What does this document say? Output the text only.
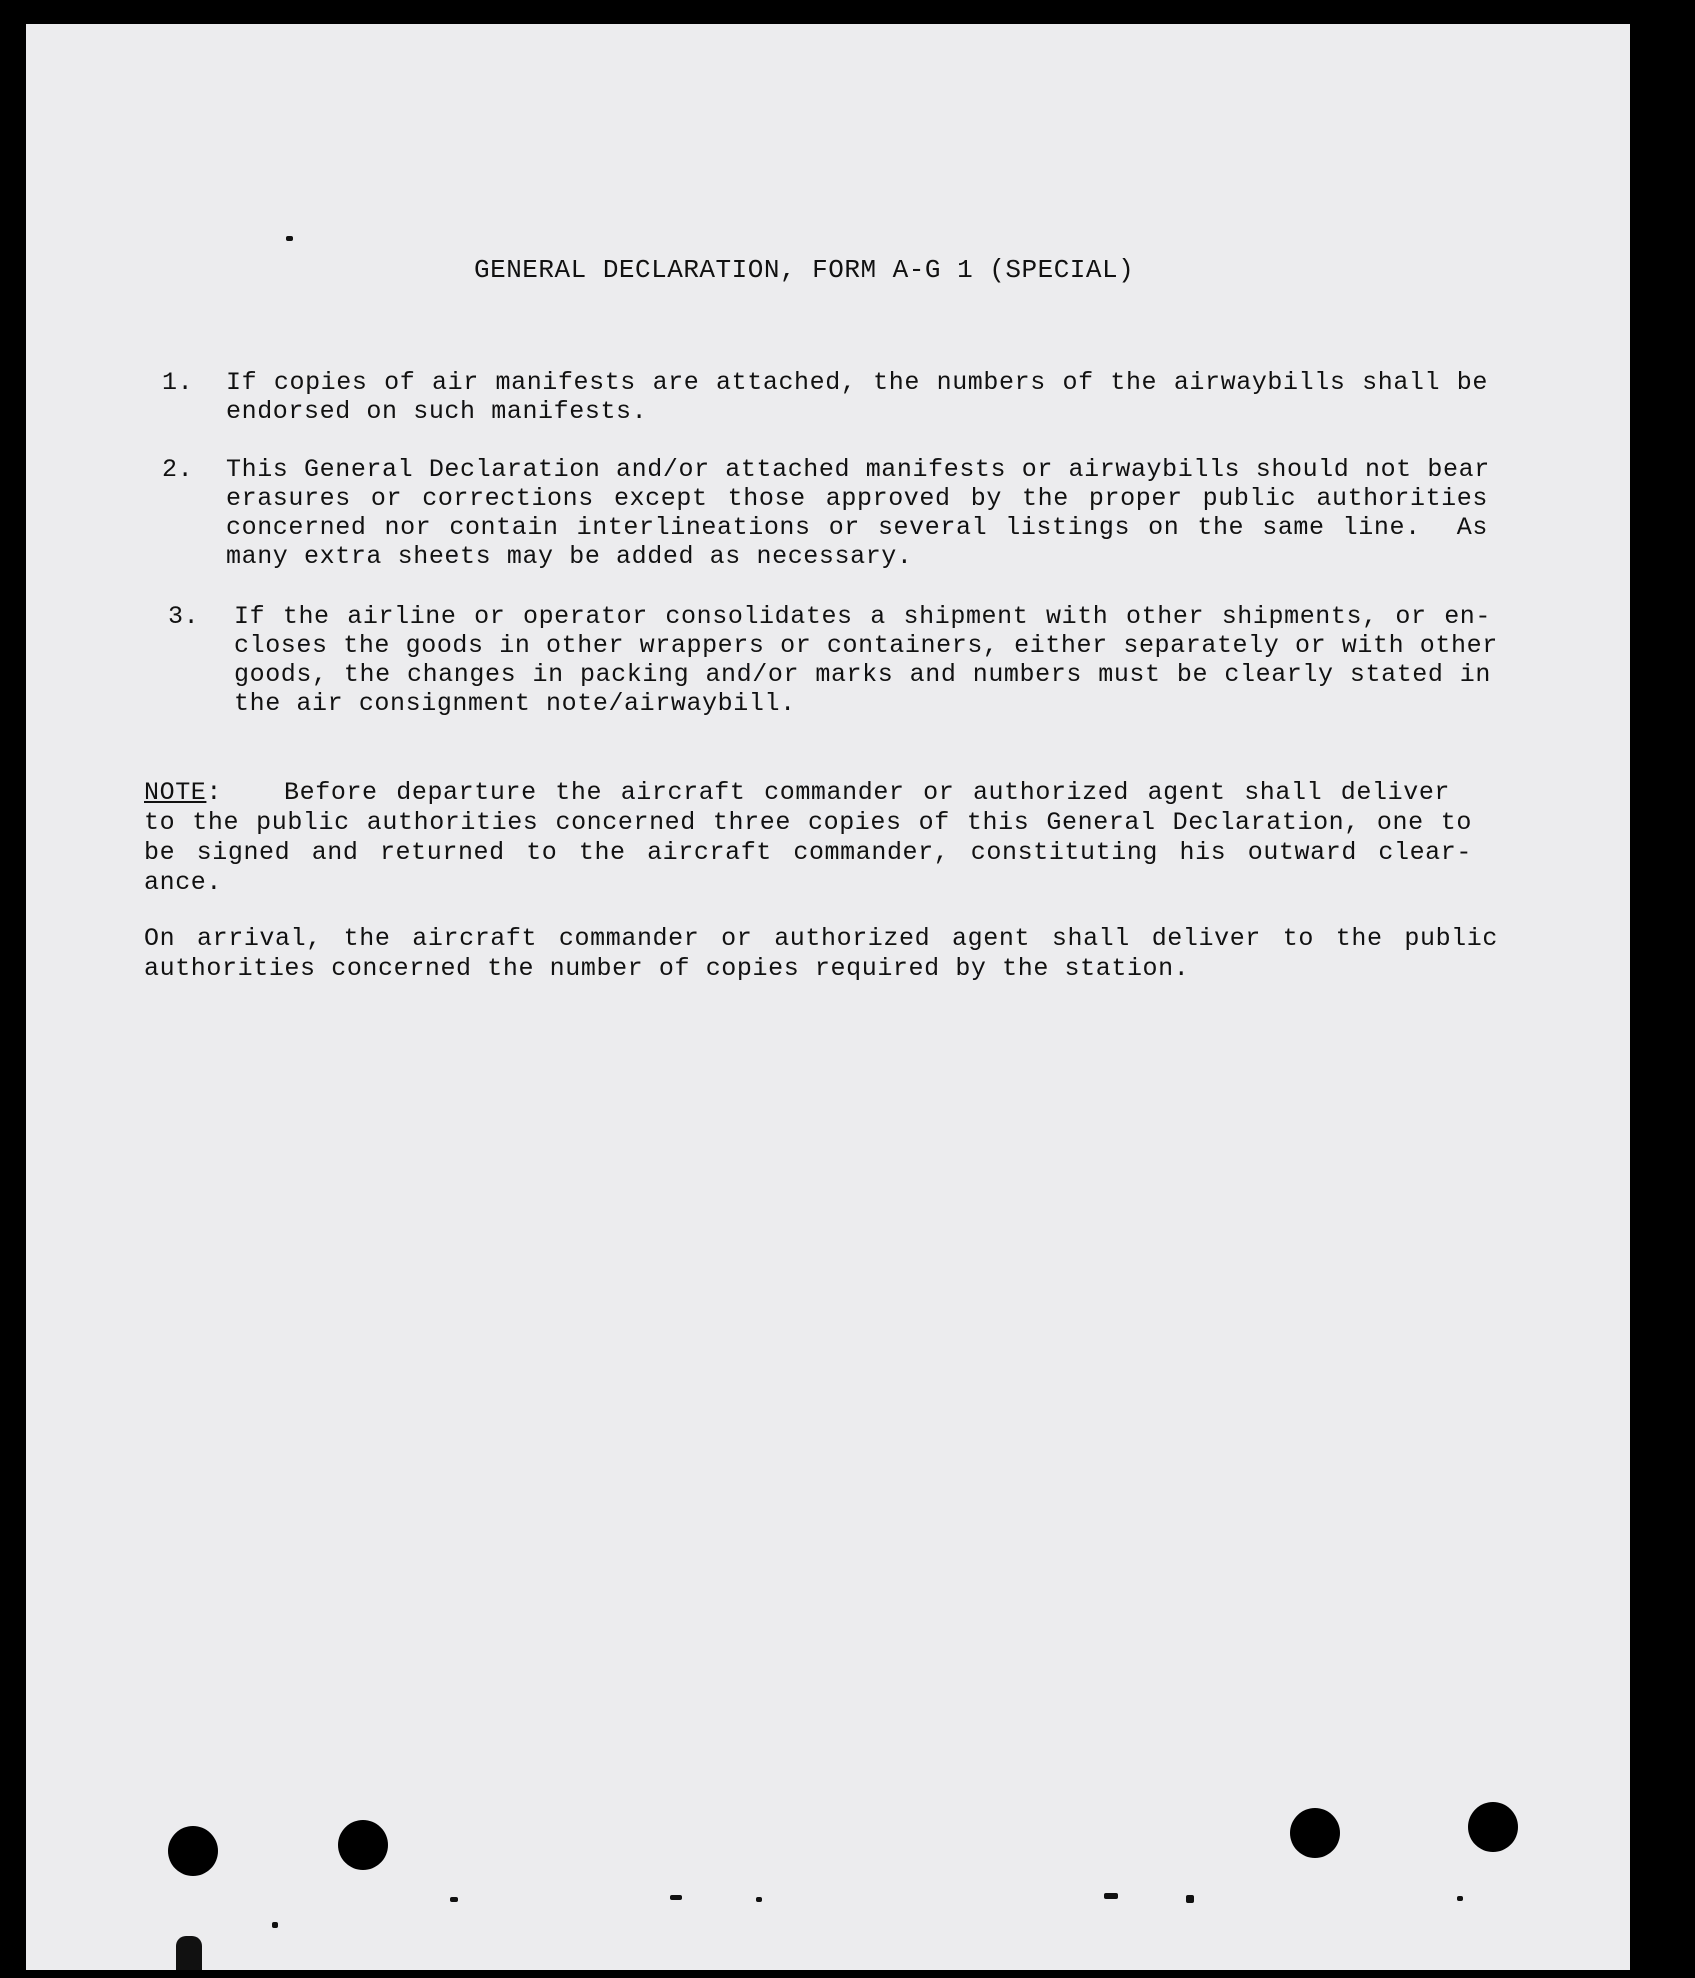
GENERAL DECLARATION, FORM A-G 1 (SPECIAL)
1. If copies of air manifests are attached, the numbers of the airwaybills shall be
endorsed on such manifests.
2. This General Declaration and/or attached manifests or airwaybills should not bear
erasures or corrections except those approved by the proper public authorities
concerned nor contain interlineations or several listings on the same line.  As
many extra sheets may be added as necessary.
3. If the airline or operator consolidates a shipment with other shipments, or en-
closes the goods in other wrappers or containers, either separately or with other
goods, the changes in packing and/or marks and numbers must be clearly stated in
the air consignment note/airwaybill.
NOTE: Before departure the aircraft commander or authorized agent shall deliver
to the public authorities concerned three copies of this General Declaration, one to
be signed and returned to the aircraft commander, constituting his outward clear-
ance.
On arrival, the aircraft commander or authorized agent shall deliver to the public
authorities concerned the number of copies required by the station.
